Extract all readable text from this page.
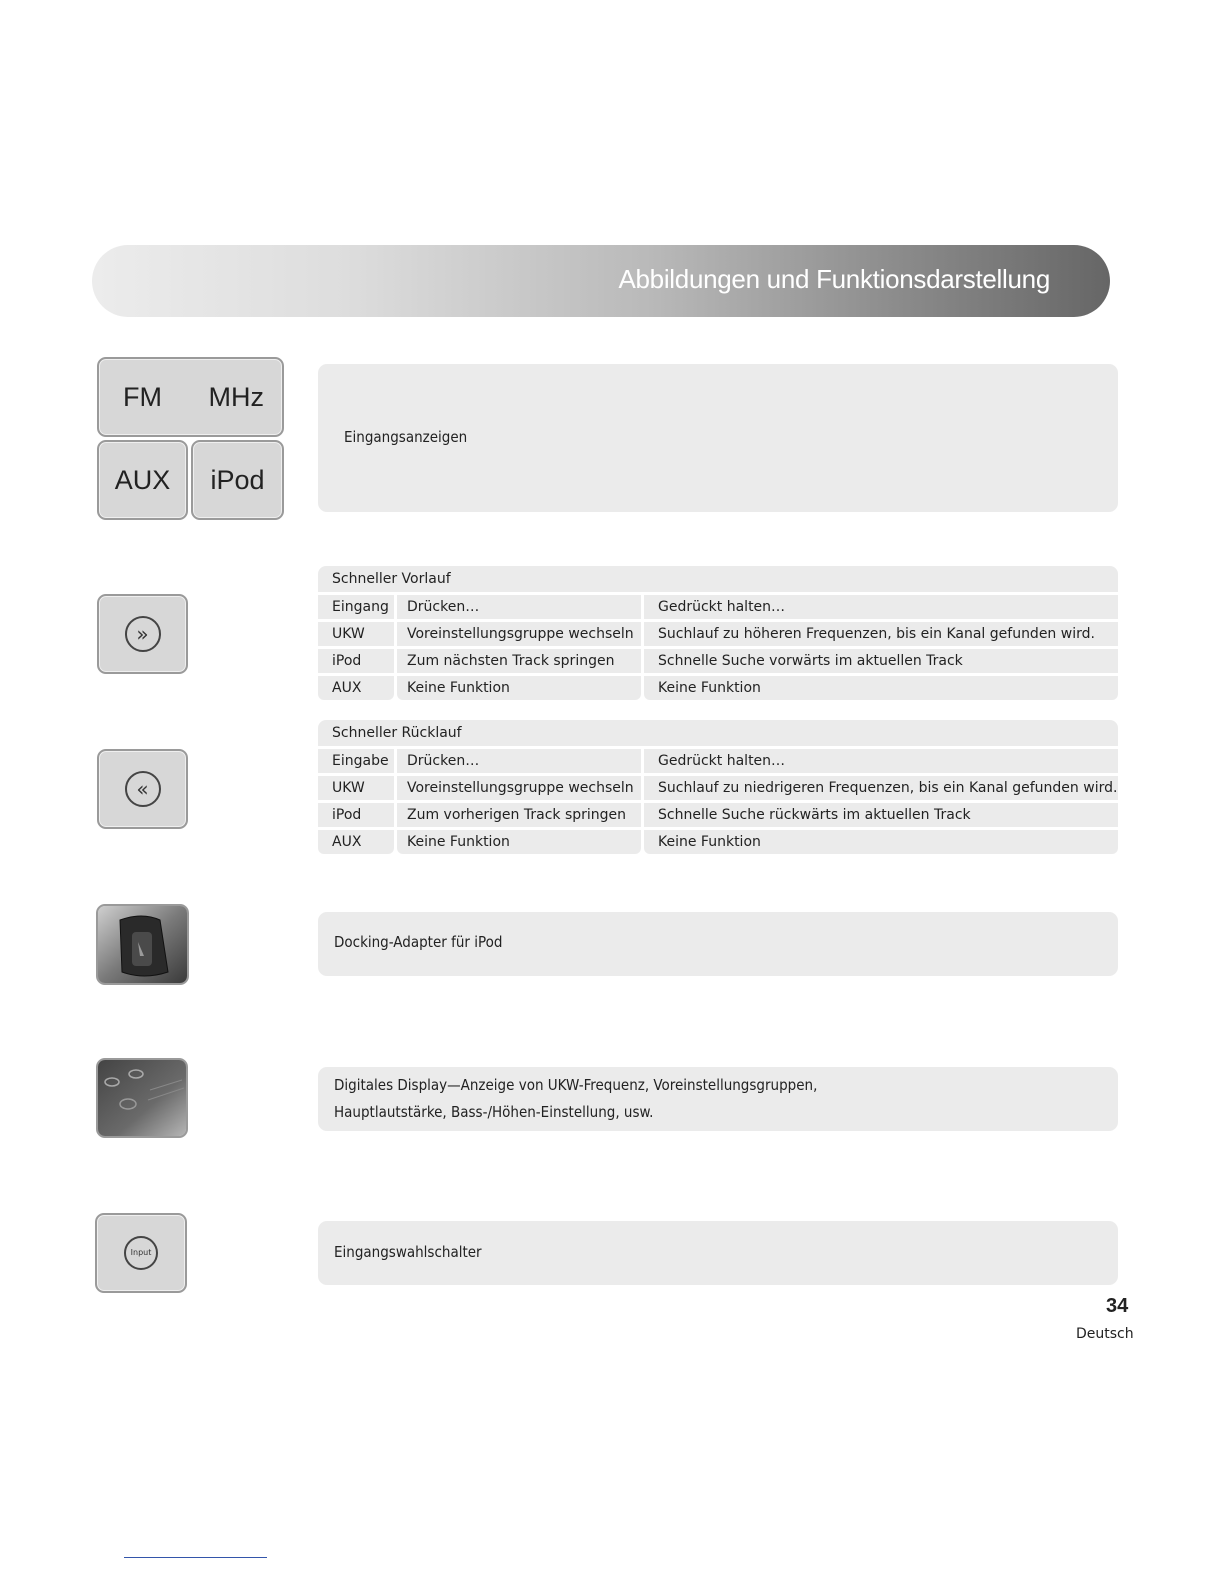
Abbildungen und Funktionsdarstellung
FM MHz
AUX iPod
Eingangsanzeigen
»
Schneller Vorlauf
Eingang	Drücken…	Gedrückt halten…
UKW	Voreinstellungsgruppe wechseln	Suchlauf zu höheren Frequenzen, bis ein Kanal gefunden wird.
iPod	Zum nächsten Track springen	Schnelle Suche vorwärts im aktuellen Track
AUX	Keine Funktion	Keine Funktion
«
Schneller Rücklauf
Eingabe	Drücken…	Gedrückt halten…
UKW	Voreinstellungsgruppe wechseln	Suchlauf zu niedrigeren Frequenzen, bis ein Kanal gefunden wird.
iPod	Zum vorherigen Track springen	Schnelle Suche rückwärts im aktuellen Track
AUX	Keine Funktion	Keine Funktion
Docking-Adapter für iPod
Digitales Display—Anzeige von UKW-Frequenz, Voreinstellungsgruppen,
Hauptlautstärke, Bass-/Höhen-Einstellung, usw.
Input	Eingangswahlschalter
34
Deutsch
